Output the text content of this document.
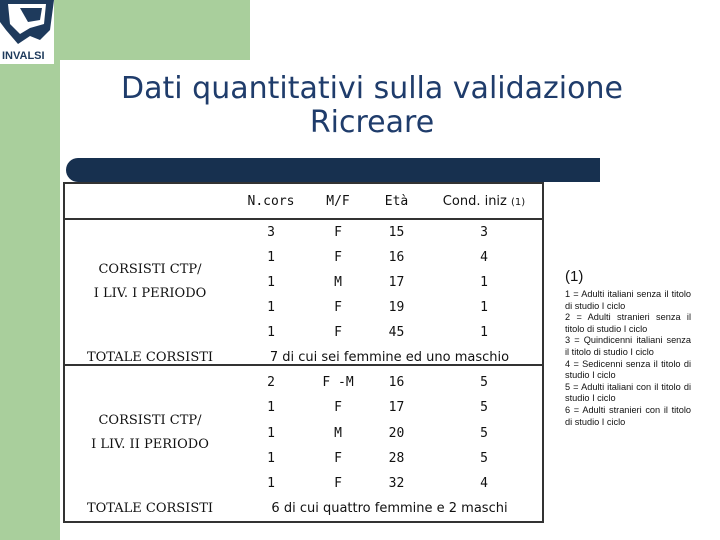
INVALSI
Dati quantitativi sulla validazione
Ricreare
	N.cors	M/F	Età	Cond. iniz (1)

CORSISTI CTP/
I LIV. I PERIODO	3	F	15	3
	1	F	16	4
	1	M	17	1
	1	F	19	1
	1	F	45	1
TOTALE CORSISTI	7 di cui sei femmine ed uno maschio			

CORSISTI CTP/
I LIV. II PERIODO	2	F -M	16	5
	1	F	17	5
	1	M	20	5
	1	F	28	5
	1	F	32	4
TOTALE CORSISTI	6 di cui quattro femmine e 2 maschi			
(1)
1 = Adulti italiani senza il titolo di studio I ciclo
2 = Adulti stranieri senza il titolo di studio I ciclo
3 = Quindicenni italiani senza il titolo di studio I ciclo
4 = Sedicenni senza il titolo di studio I ciclo
5 = Adulti italiani con il titolo di studio I ciclo
6 = Adulti stranieri con il titolo di studio I ciclo
